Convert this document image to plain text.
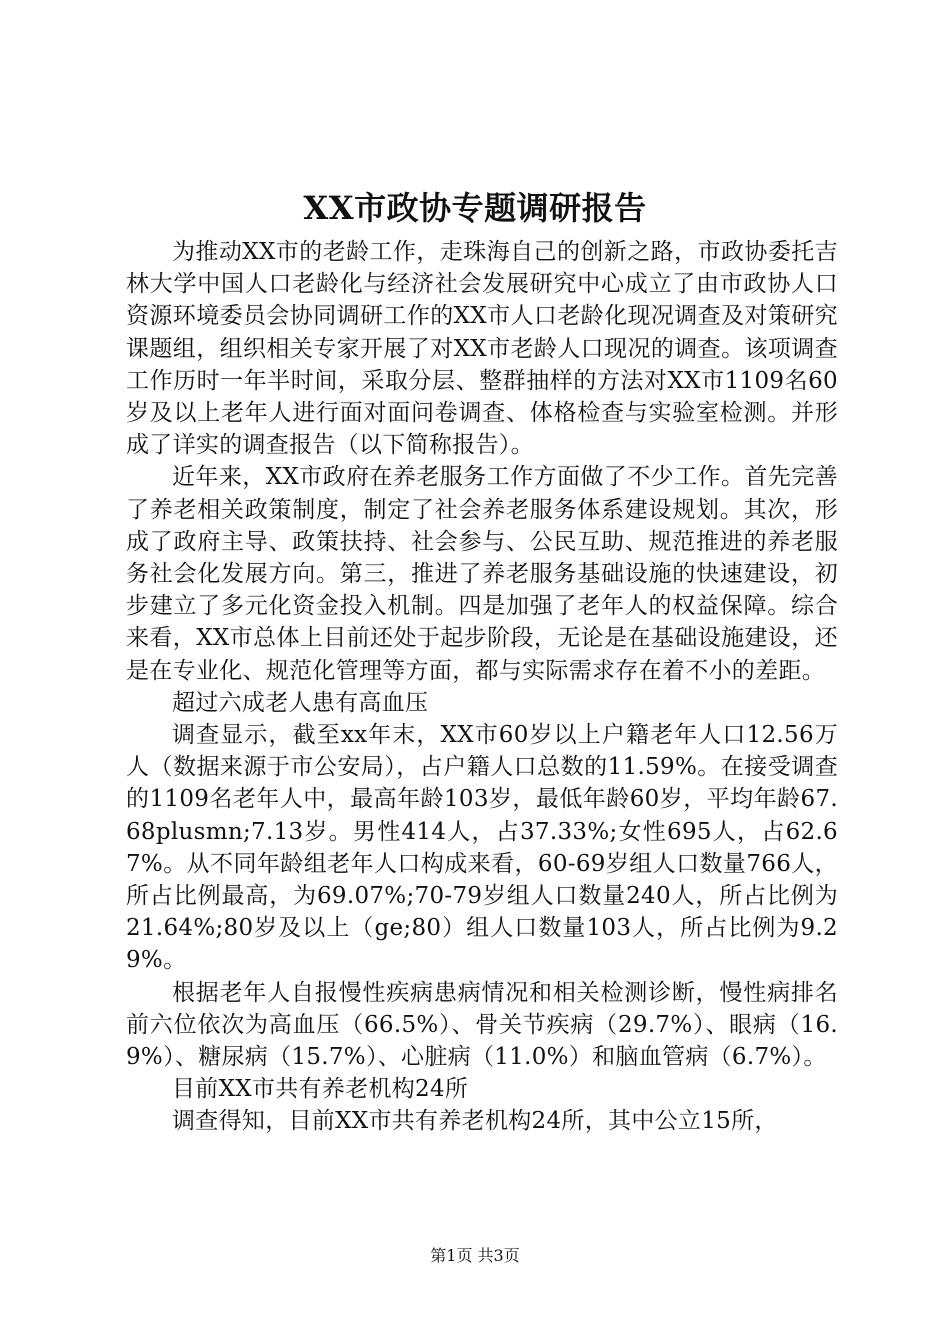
XX市政协专题调研报告

为推动XX市的老龄工作，走珠海自己的创新之路，市政协委托吉林大学中国人口老龄化与经济社会发展研究中心成立了由市政协人口资源环境委员会协同调研工作的XX市人口老龄化现况调查及对策研究课题组，组织相关专家开展了对XX市老龄人口现况的调查。该项调查工作历时一年半时间，采取分层、整群抽样的方法对XX市1109名60岁及以上老年人进行面对面问卷调查、体格检查与实验室检测。并形成了详实的调查报告（以下简称报告）。

近年来，XX市政府在养老服务工作方面做了不少工作。首先完善了养老相关政策制度，制定了社会养老服务体系建设规划。其次，形成了政府主导、政策扶持、社会参与、公民互助、规范推进的养老服务社会化发展方向。第三，推进了养老服务基础设施的快速建设，初步建立了多元化资金投入机制。四是加强了老年人的权益保障。综合来看，XX市总体上目前还处于起步阶段，无论是在基础设施建设，还是在专业化、规范化管理等方面，都与实际需求存在着不小的差距。

超过六成老人患有高血压

调查显示，截至xx年末，XX市60岁以上户籍老年人口12.56万人（数据来源于市公安局），占户籍人口总数的11.59%。在接受调查的1109名老年人中，最高年龄103岁，最低年龄60岁，平均年龄67.68plusmn;7.13岁。男性414人，占37.33%;女性695人，占62.67%。从不同年龄组老年人口构成来看，60-69岁组人口数量766人，所占比例最高，为69.07%;70-79岁组人口数量240人，所占比例为21.64%;80岁及以上（ge;80）组人口数量103人，所占比例为9.29%。

根据老年人自报慢性疾病患病情况和相关检测诊断，慢性病排名前六位依次为高血压（66.5%）、骨关节疾病（29.7%）、眼病（16.9%）、糖尿病（15.7%）、心脏病（11.0%）和脑血管病（6.7%）。

目前XX市共有养老机构24所

调查得知，目前XX市共有养老机构24所，其中公立15所，

第1页 共3页
